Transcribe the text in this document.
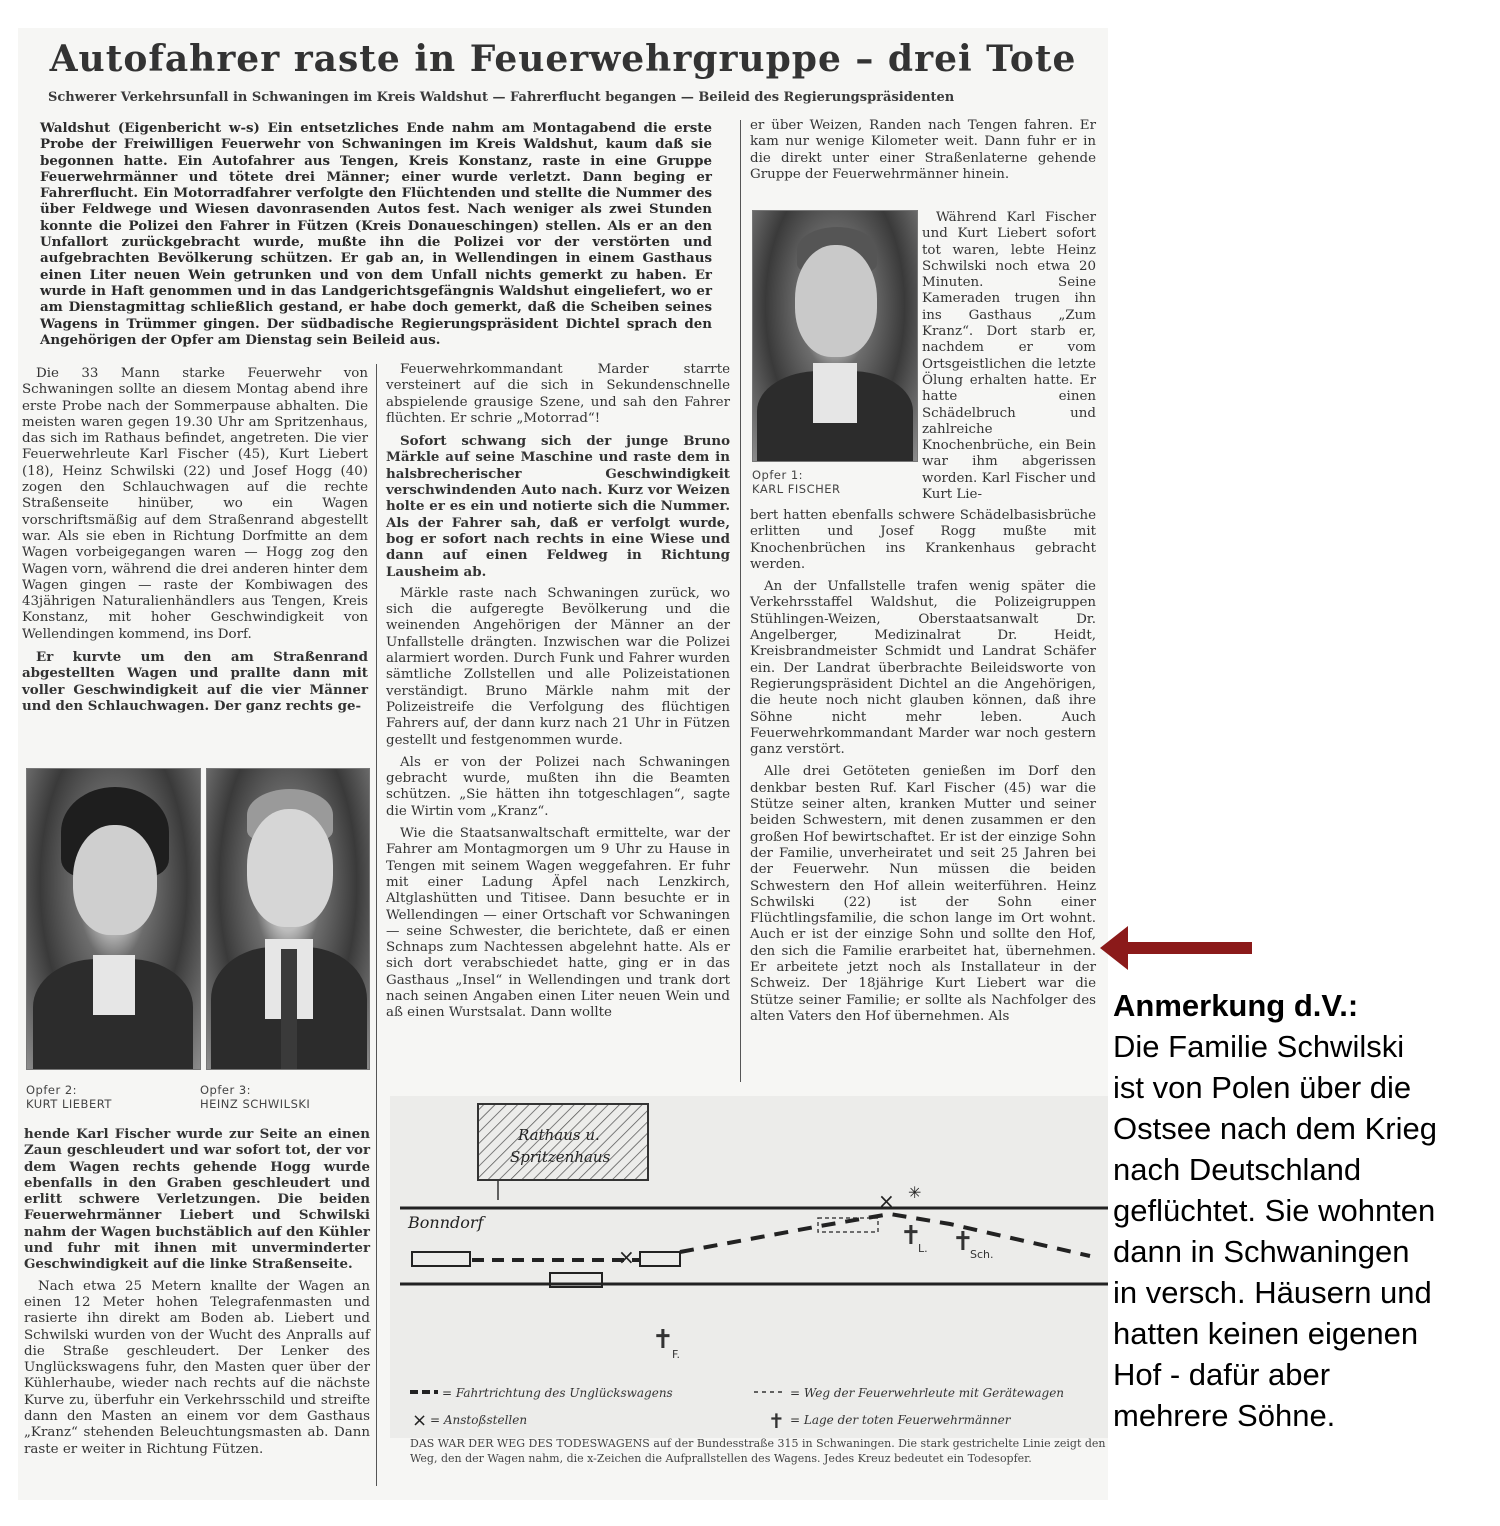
Autofahrer raste in Feuerwehrgruppe – drei Tote
Schwerer Verkehrsunfall in Schwaningen im Kreis Waldshut — Fahrerflucht begangen — Beileid des Regierungspräsidenten

Waldshut (Eigenbericht w-s) Ein entsetzliches Ende nahm am Montagabend die erste Probe der Freiwilligen Feuerwehr von Schwaningen im Kreis Waldshut, kaum daß sie begonnen hatte. Ein Autofahrer aus Tengen, Kreis Konstanz, raste in eine Gruppe Feuerwehrmänner und tötete drei Männer; einer wurde verletzt. Dann beging er Fahrerflucht. Ein Motorradfahrer verfolgte den Flüchtenden und stellte die Nummer des über Feldwege und Wiesen davonrasenden Autos fest. Nach weniger als zwei Stunden konnte die Polizei den Fahrer in Fützen (Kreis Donaueschingen) stellen. Als er an den Unfallort zurückgebracht wurde, mußte ihn die Polizei vor der verstörten und aufgebrachten Bevölkerung schützen. Er gab an, in Wellendingen in einem Gasthaus einen Liter neuen Wein getrunken und von dem Unfall nichts gemerkt zu haben. Er wurde in Haft genommen und in das Landgerichtsgefängnis Waldshut eingeliefert, wo er am Dienstagmittag schließlich gestand, er habe doch gemerkt, daß die Scheiben seines Wagens in Trümmer gingen. Der südbadische Regierungspräsident Dichtel sprach den Angehörigen der Opfer am Dienstag sein Beileid aus.

Die 33 Mann starke Feuerwehr von Schwaningen sollte an diesem Montag abend ihre erste Probe nach der Sommerpause abhalten. Die meisten waren gegen 19.30 Uhr am Spritzenhaus, das sich im Rathaus befindet, angetreten. Die vier Feuerwehrleute Karl Fischer (45), Kurt Liebert (18), Heinz Schwilski (22) und Josef Hogg (40) zogen den Schlauchwagen auf die rechte Straßenseite hinüber, wo ein Wagen vorschriftsmäßig auf dem Straßenrand abgestellt war. Als sie eben in Richtung Dorfmitte an dem Wagen vorbeigegangen waren — Hogg zog den Wagen vorn, während die drei anderen hinter dem Wagen gingen — raste der Kombiwagen des 43jährigen Naturalienhändlers aus Tengen, Kreis Konstanz, mit hoher Geschwindigkeit von Wellendingen kommend, ins Dorf.

Er kurvte um den am Straßenrand abgestellten Wagen und prallte dann mit voller Geschwindigkeit auf die vier Männer und den Schlauchwagen. Der ganz rechts ge-

Opfer 2:
KURT LIEBERT
Opfer 3:
HEINZ SCHWILSKI

hende Karl Fischer wurde zur Seite an einen Zaun geschleudert und war sofort tot, der vor dem Wagen rechts gehende Hogg wurde ebenfalls in den Graben geschleudert und erlitt schwere Verletzungen. Die beiden Feuerwehrmänner Liebert und Schwilski nahm der Wagen buchstäblich auf den Kühler und fuhr mit ihnen mit unverminderter Geschwindigkeit auf die linke Straßenseite.

Nach etwa 25 Metern knallte der Wagen an einen 12 Meter hohen Telegrafenmasten und rasierte ihn direkt am Boden ab. Liebert und Schwilski wurden von der Wucht des Anpralls auf die Straße geschleudert. Der Lenker des Unglückswagens fuhr, den Masten quer über der Kühlerhaube, wieder nach rechts auf die nächste Kurve zu, überfuhr ein Verkehrsschild und streifte dann den Masten an einem vor dem Gasthaus „Kranz“ stehenden Beleuchtungsmasten ab. Dann raste er weiter in Richtung Fützen.

Feuerwehrkommandant Marder starrte versteinert auf die sich in Sekundenschnelle abspielende grausige Szene, und sah den Fahrer flüchten. Er schrie „Motorrad“!

Sofort schwang sich der junge Bruno Märkle auf seine Maschine und raste dem in halsbrecherischer Geschwindigkeit verschwindenden Auto nach. Kurz vor Weizen holte er es ein und notierte sich die Nummer. Als der Fahrer sah, daß er verfolgt wurde, bog er sofort nach rechts in eine Wiese und dann auf einen Feldweg in Richtung Lausheim ab.

Märkle raste nach Schwaningen zurück, wo sich die aufgeregte Bevölkerung und die weinenden Angehörigen der Männer an der Unfallstelle drängten. Inzwischen war die Polizei alarmiert worden. Durch Funk und Fahrer wurden sämtliche Zollstellen und alle Polizeistationen verständigt. Bruno Märkle nahm mit der Polizeistreife die Verfolgung des flüchtigen Fahrers auf, der dann kurz nach 21 Uhr in Fützen gestellt und festgenommen wurde.

Als er von der Polizei nach Schwaningen gebracht wurde, mußten ihn die Beamten schützen. „Sie hätten ihn totgeschlagen“, sagte die Wirtin vom „Kranz“.

Wie die Staatsanwaltschaft ermittelte, war der Fahrer am Montagmorgen um 9 Uhr zu Hause in Tengen mit seinem Wagen weggefahren. Er fuhr mit einer Ladung Äpfel nach Lenzkirch, Altglashütten und Titisee. Dann besuchte er in Wellendingen — einer Ortschaft vor Schwaningen — seine Schwester, die berichtete, daß er einen Schnaps zum Nachtessen abgelehnt hatte. Als er sich dort verabschiedet hatte, ging er in das Gasthaus „Insel“ in Wellendingen und trank dort nach seinen Angaben einen Liter neuen Wein und aß einen Wurstsalat. Dann wollte

er über Weizen, Randen nach Tengen fahren. Er kam nur wenige Kilometer weit. Dann fuhr er in die direkt unter einer Straßenlaterne gehende Gruppe der Feuerwehrmänner hinein.

Opfer 1:
KARL FISCHER

Während Karl Fischer und Kurt Liebert sofort tot waren, lebte Heinz Schwilski noch etwa 20 Minuten. Seine Kameraden trugen ihn ins Gasthaus „Zum Kranz“. Dort starb er, nachdem er vom Ortsgeistlichen die letzte Ölung erhalten hatte. Er hatte einen Schädelbruch und zahlreiche Knochenbrüche, ein Bein war ihm abgerissen worden. Karl Fischer und Kurt Lie-

bert hatten ebenfalls schwere Schädelbasisbrüche erlitten und Josef Rogg mußte mit Knochenbrüchen ins Krankenhaus gebracht werden.

An der Unfallstelle trafen wenig später die Verkehrsstaffel Waldshut, die Polizeigruppen Stühlingen-Weizen, Oberstaatsanwalt Dr. Angelberger, Medizinalrat Dr. Heidt, Kreisbrandmeister Schmidt und Landrat Schäfer ein. Der Landrat überbrachte Beileidsworte von Regierungspräsident Dichtel an die Angehörigen, die heute noch nicht glauben können, daß ihre Söhne nicht mehr leben. Auch Feuerwehrkommandant Marder war noch gestern ganz verstört.

Alle drei Getöteten genießen im Dorf den denkbar besten Ruf. Karl Fischer (45) war die Stütze seiner alten, kranken Mutter und seiner beiden Schwestern, mit denen zusammen er den großen Hof bewirtschaftet. Er ist der einzige Sohn der Familie, unverheiratet und seit 25 Jahren bei der Feuerwehr. Nun müssen die beiden Schwestern den Hof allein weiterführen. Heinz Schwilski (22) ist der Sohn einer Flüchtlingsfamilie, die schon lange im Ort wohnt. Auch er ist der einzige Sohn und sollte den Hof, den sich die Familie erarbeitet hat, übernehmen. Er arbeitete jetzt noch als Installateur in der Schweiz. Der 18jährige Kurt Liebert war die Stütze seiner Familie; er sollte als Nachfolger des alten Vaters den Hof übernehmen. Als

Rathaus u.
Spritzenhaus
Bonndorf
×
× ✳
✝
F.
✝
L. ✝
Sch.
= Fahrtrichtung des Unglückswagens	= Weg der Feuerwehrleute mit Gerätewagen
× = Anstoßstellen	✝ = Lage der toten Feuerwehrmänner
DAS WAR DER WEG DES TODESWAGENS auf der Bundesstraße 315 in Schwaningen. Die stark gestrichelte Linie zeigt den Weg, den der Wagen nahm, die x-Zeichen die Aufprallstellen des Wagens. Jedes Kreuz bedeutet ein Todesopfer.
Anmerkung d.V.:
Die Familie Schwilski
ist von Polen über die
Ostsee nach dem Krieg
nach Deutschland
geflüchtet. Sie wohnten
dann in Schwaningen
in versch. Häusern und
hatten keinen eigenen
Hof - dafür aber
mehrere Söhne.
